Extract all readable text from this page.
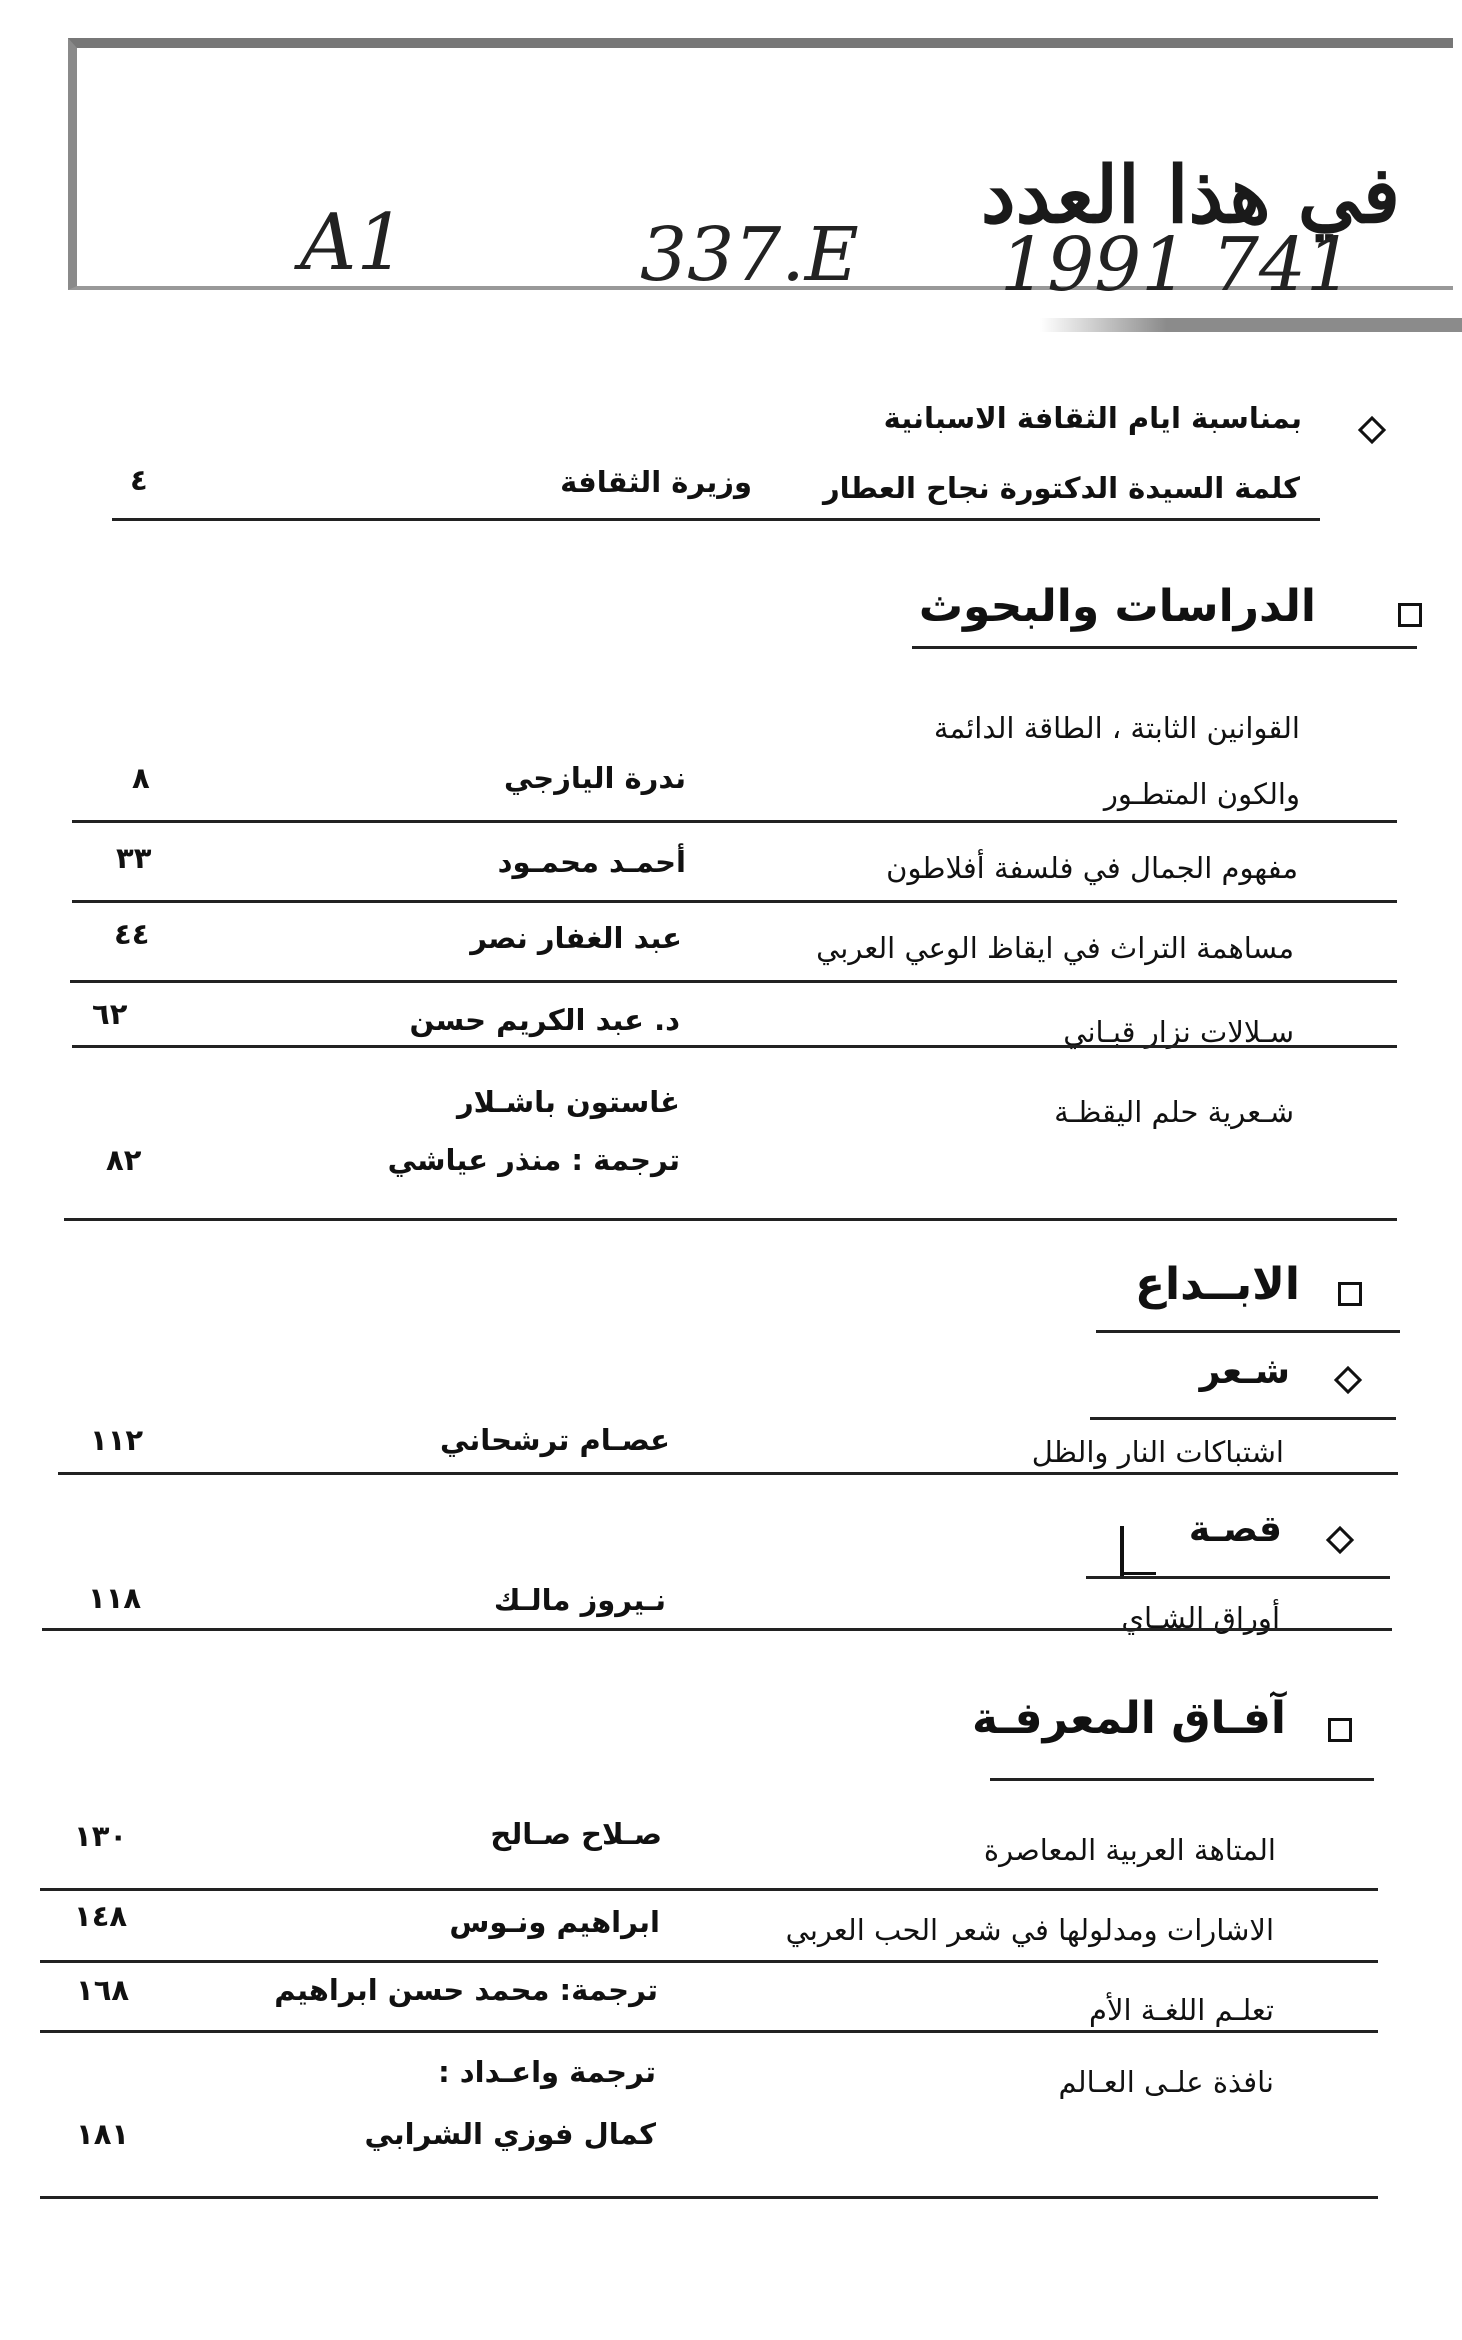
في هذا العدد
A1	337.E 1991 741
بمناسبة ايام الثقافة الاسبانية
كلمة السيدة الدكتورة نجاح العطار
وزيرة الثقافة
٤
الدراسات والبحوث
القوانين الثابتة ، الطاقة الدائمة
والكون المتطـور
ندرة اليازجي
٨
مفهوم الجمال في فلسفة أفلاطون
أحمـد محمـود
٣٣
مساهمة التراث في ايقاظ الوعي العربي
عبد الغفار نصر
٤٤
سـلالات نزار قبـاني
د. عبد الكريم حسن
٦٢
شـعرية حلم اليقظـة
غاستون باشـلار
ترجمة : منذر عياشي
٨٢
الابــداع
شـعر
اشتباكات النار والظل
عصـام ترشحاني
١١٢
قصـة
أوراق الشـاي
نـيروز مالـك
١١٨
آفـاق المعرفـة
المتاهة العربية المعاصرة
صـلاح صـالح
١٣٠
الاشارات ومدلولها في شعر الحب العربي
ابراهيم ونـوس
١٤٨
تعلـم اللغـة الأم
ترجمة: محمد حسن ابراهيم
١٦٨
نافذة علـى العـالم
ترجمة واعـداد :
كمال فوزي الشرابي
١٨١
